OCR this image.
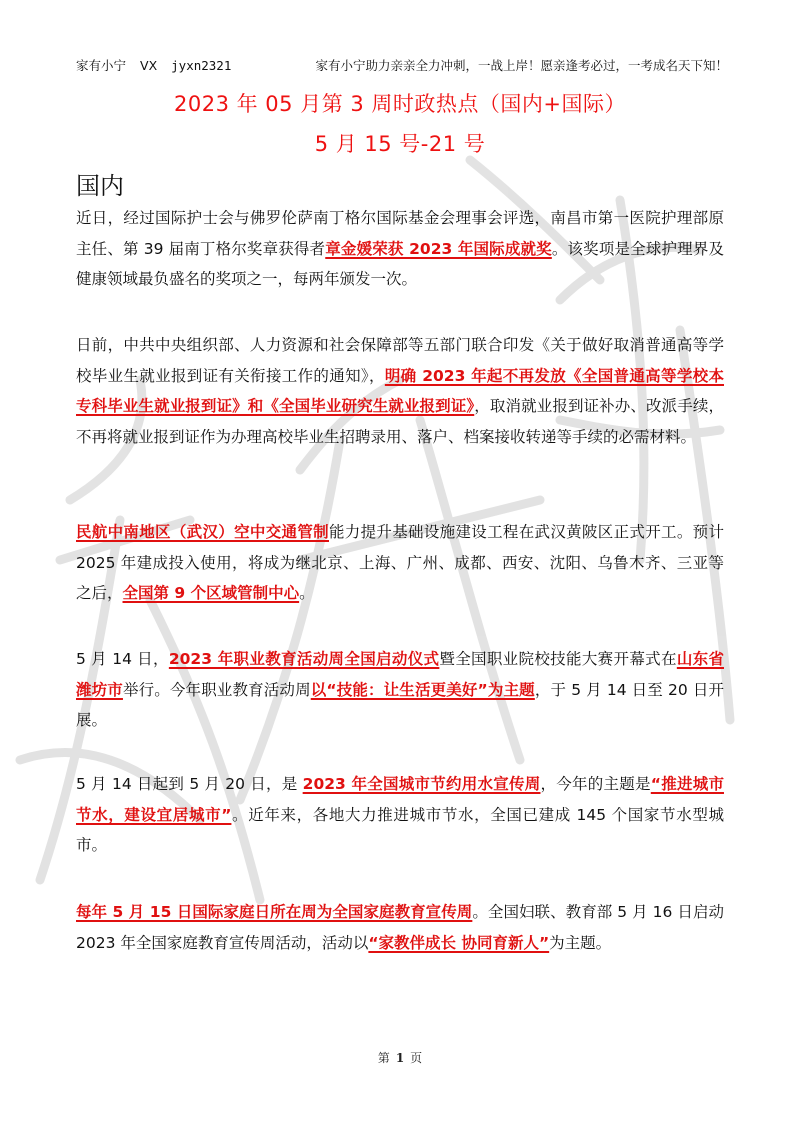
家有小宁 VX jyxn2321	家有小宁助力亲亲全力冲刺，一战上岸！愿亲逢考必过，一考成名天下知！
2023 年 05 月第 3 周时政热点（国内+国际）
5 月 15 号-21 号
国内
近日，经过国际护士会与佛罗伦萨南丁格尔国际基金会理事会评选，南昌市第一医院护理部原主任、第 39 届南丁格尔奖章获得者章金媛荣获 2023 年国际成就奖。该奖项是全球护理界及健康领域最负盛名的奖项之一，每两年颁发一次。
日前，中共中央组织部、人力资源和社会保障部等五部门联合印发《关于做好取消普通高等学校毕业生就业报到证有关衔接工作的通知》，明确 2023 年起不再发放《全国普通高等学校本专科毕业生就业报到证》和《全国毕业研究生就业报到证》，取消就业报到证补办、改派手续，不再将就业报到证作为办理高校毕业生招聘录用、落户、档案接收转递等手续的必需材料。
民航中南地区（武汉）空中交通管制能力提升基础设施建设工程在武汉黄陂区正式开工。预计 2025 年建成投入使用，将成为继北京、上海、广州、成都、西安、沈阳、乌鲁木齐、三亚等之后，全国第 9 个区域管制中心。
5 月 14 日，2023 年职业教育活动周全国启动仪式暨全国职业院校技能大赛开幕式在山东省潍坊市举行。今年职业教育活动周以“技能：让生活更美好”为主题，于 5 月 14 日至 20 日开展。
5 月 14 日起到 5 月 20 日，是 2023 年全国城市节约用水宣传周，今年的主题是“推进城市节水，建设宜居城市”。近年来，各地大力推进城市节水，全国已建成 145 个国家节水型城市。
每年 5 月 15 日国际家庭日所在周为全国家庭教育宣传周。全国妇联、教育部 5 月 16 日启动 2023 年全国家庭教育宣传周活动，活动以“家教伴成长 协同育新人”为主题。
第 1 页
